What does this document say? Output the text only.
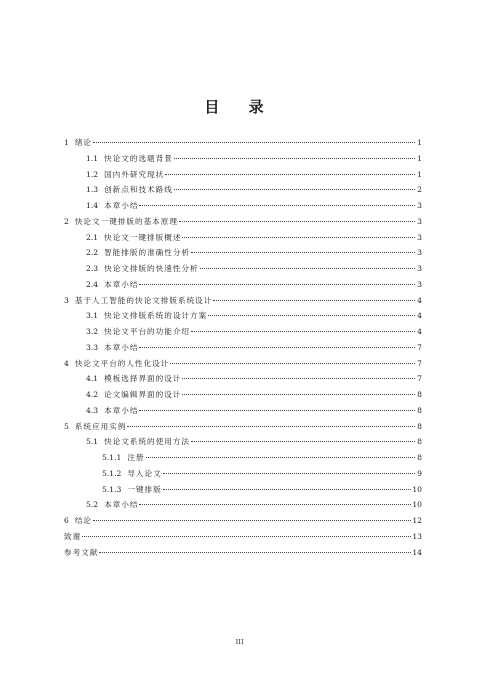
目 录
1 绪论	1
1.1 快论文的选题背景	1
1.2 国内外研究现状	1
1.3 创新点和技术路线	2
1.4 本章小结	3
2 快论文一键排版的基本原理	3
2.1 快论文一键排版概述	3
2.2 智能排版的准确性分析	3
2.3 快论文排版的快速性分析	3
2.4 本章小结	3
3 基于人工智能的快论文排版系统设计	4
3.1 快论文排版系统的设计方案	4
3.2 快论文平台的功能介绍	4
3.3 本章小结	7
4 快论文平台的人性化设计	7
4.1 模板选择界面的设计	7
4.2 论文编辑界面的设计	8
4.3 本章小结	8
5 系统应用实例	8
5.1 快论文系统的使用方法	8
5.1.1 注册	8
5.1.2 导入论文	9
5.1.3 一键排版	10
5.2 本章小结	10
6 结论	12
致谢	13
参考文献	14
III
